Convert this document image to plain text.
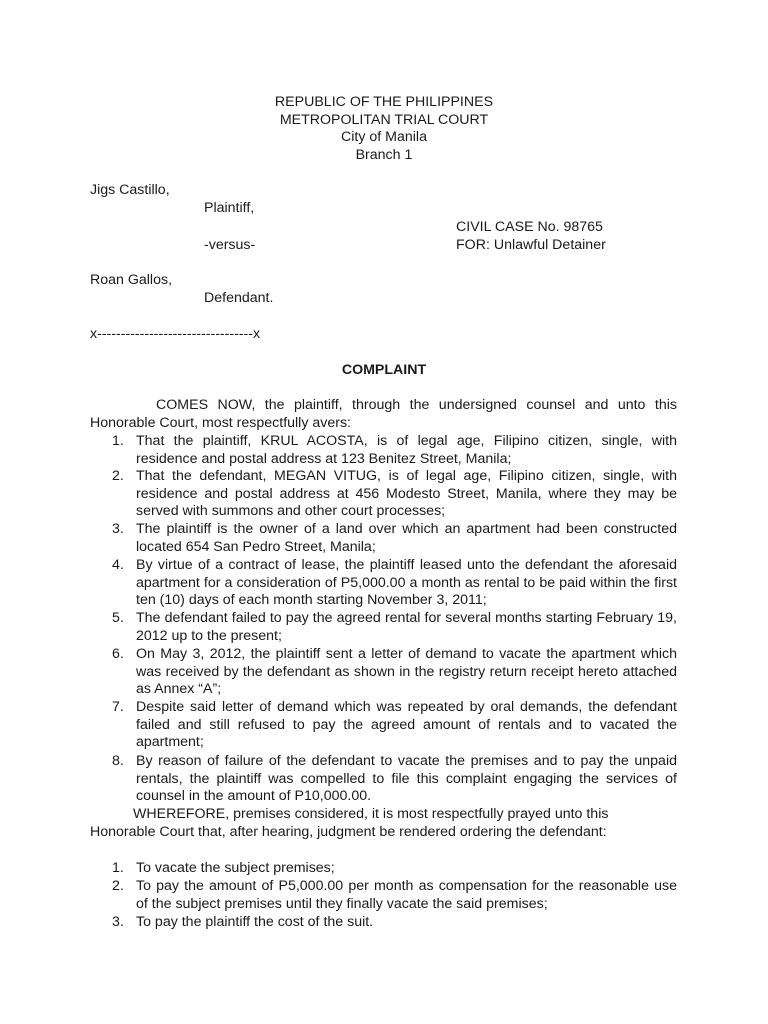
REPUBLIC OF THE PHILIPPINES
METROPOLITAN TRIAL COURT
City of Manila
Branch 1
Jigs Castillo,
Plaintiff,
CIVIL CASE No. 98765
-versus-	FOR: Unlawful Detainer
Roan Gallos,
Defendant.
x---------------------------------x
COMPLAINT
COMES NOW, the plaintiff, through the undersigned counsel and unto this Honorable Court, most respectfully avers:
1. That the plaintiff, KRUL ACOSTA, is of legal age, Filipino citizen, single, with residence and postal address at 123 Benitez Street, Manila;
2. That the defendant, MEGAN VITUG, is of legal age, Filipino citizen, single, with residence and postal address at 456 Modesto Street, Manila, where they may be served with summons and other court processes;
3. The plaintiff is the owner of a land over which an apartment had been constructed located 654 San Pedro Street, Manila;
4. By virtue of a contract of lease, the plaintiff leased unto the defendant the aforesaid apartment for a consideration of P5,000.00 a month as rental to be paid within the first ten (10) days of each month starting November 3, 2011;
5. The defendant failed to pay the agreed rental for several months starting February 19, 2012 up to the present;
6. On May 3, 2012, the plaintiff sent a letter of demand to vacate the apartment which was received by the defendant as shown in the registry return receipt hereto attached as Annex “A”;
7. Despite said letter of demand which was repeated by oral demands, the defendant failed and still refused to pay the agreed amount of rentals and to vacated the apartment;
8. By reason of failure of the defendant to vacate the premises and to pay the unpaid rentals, the plaintiff was compelled to file this complaint engaging the services of counsel in the amount of P10,000.00.
WHEREFORE, premises considered, it is most respectfully prayed unto this Honorable Court that, after hearing, judgment be rendered ordering the defendant:
1. To vacate the subject premises;
2. To pay the amount of P5,000.00 per month as compensation for the reasonable use of the subject premises until they finally vacate the said premises;
3. To pay the plaintiff the cost of the suit.
